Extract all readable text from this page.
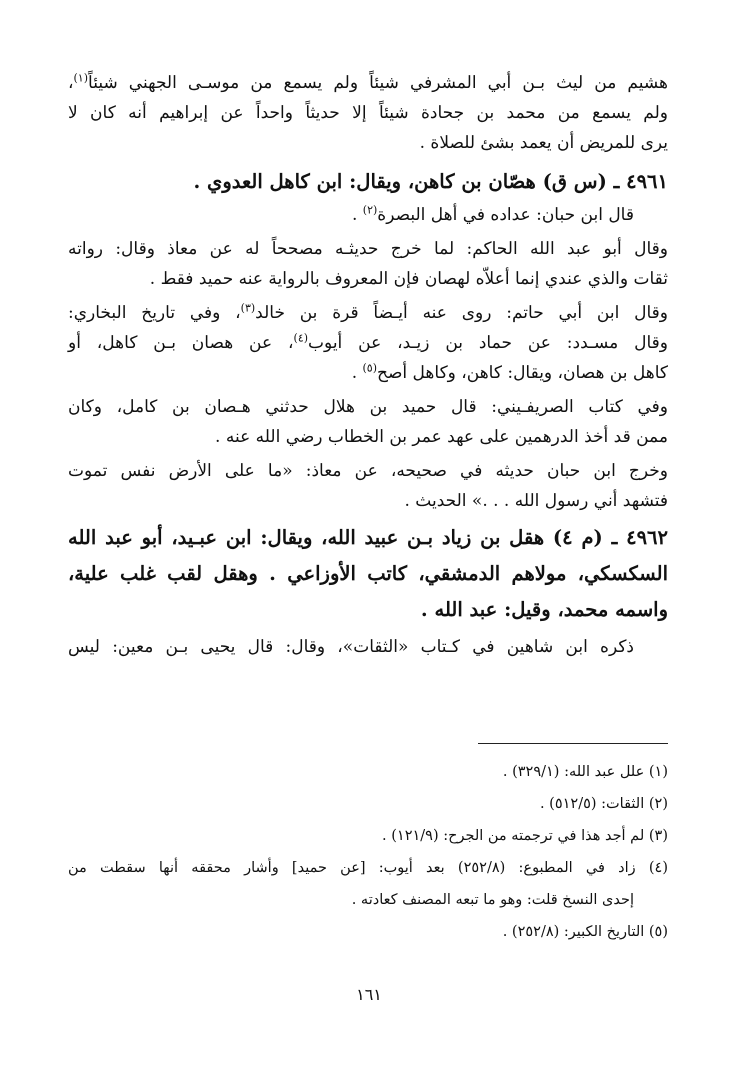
هشيم من ليث بـن أبي المشرفي شيئاً ولم يسمع من موسـى الجهني شيئاً$^{(١)}$،
ولم يسمع من محمد بن جحادة شيئاً إلا حديثاً واحداً عن إبراهيم أنه كان لا
يرى للمريض أن يعمد بشئ للصلاة .
٤٩٦١ ـ (س ق) هصّان بن كاهن، ويقال: ابن كاهل العدوي .
قال ابن حبان: عداده في أهل البصرة$^{(٢)}$ .
وقال أبو عبد الله الحاكم: لما خرج حديثـه مصححاً له عن معاذ وقال: رواته
ثقات والذي عندي إنما أعلاّه لهصان فإن المعروف بالرواية عنه حميد فقط .
وقال ابن أبي حاتم: روى عنه أيـضاً قرة بن خالد$^{(٣)}$، وفي تاريخ البخاري:
وقال مسـدد: عن حماد بن زيـد، عن أيوب$^{(٤)}$، عن هصان بـن كاهل، أو
كاهل بن هصان، ويقال: كاهن، وكاهل أصح$^{(٥)}$ .
وفي كتاب الصريفـيني: قال حميد بن هلال حدثني هـصان بن كامل، وكان
ممن قد أخذ الدرهمين على عهد عمر بن الخطاب رضي الله عنه .
وخرج ابن حبان حديثه في صحيحه، عن معاذ: «ما على الأرض نفس تموت
فتشهد أني رسول الله . . .» الحديث .
٤٩٦٢ ـ (م ٤) هقل بن زياد بـن عبيد الله، ويقال: ابن عبـيد، أبو عبد الله
السكسكي، مولاهم الدمشقي، كاتب الأوزاعي . وهقل لقب غلب علية،
واسمه محمد، وقيل: عبد الله .
ذكره ابن شاهين في كـتاب «الثقات»، وقال: قال يحيى بـن معين: ليس
(١) علل عبد الله: (٣٢٩/١) .
(٢) الثقات: (٥١٢/٥) .
(٣) لم أجد هذا في ترجمته من الجرح: (١٢١/٩) .
(٤) زاد في المطبوع: (٢٥٢/٨) بعد أيوب: [عن حميد] وأشار محققه أنها سقطت من
إحدى النسخ قلت: وهو ما تبعه المصنف كعادته .
(٥) التاريخ الكبير: (٢٥٢/٨) .
١٦١
